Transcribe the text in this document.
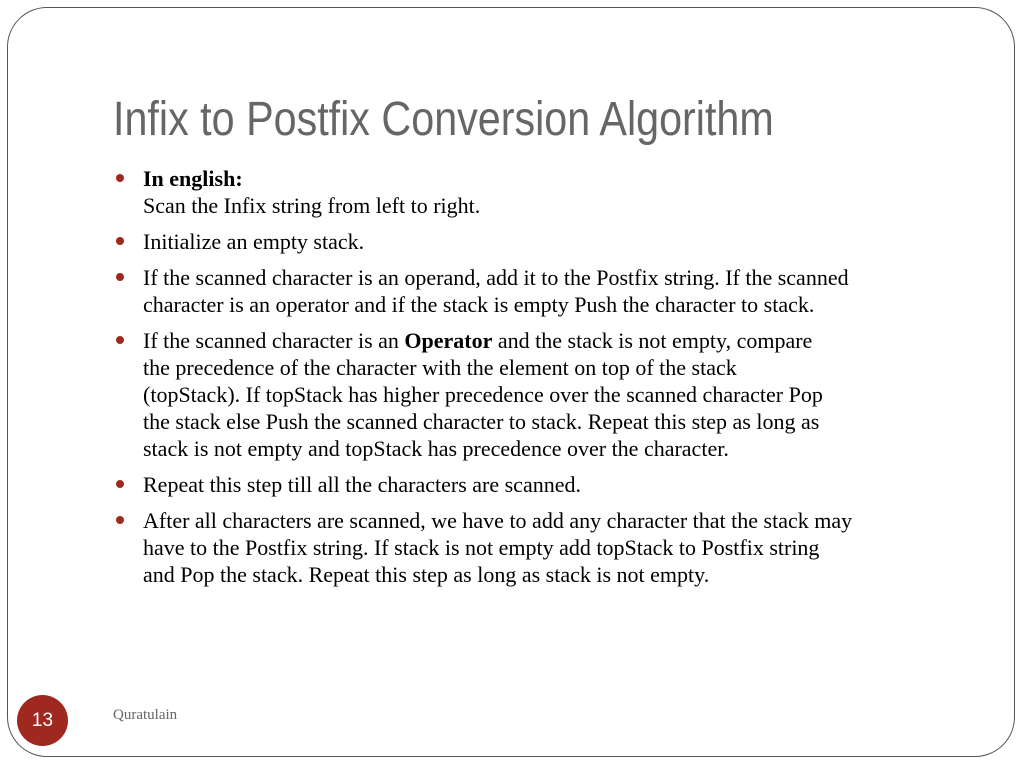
Infix to Postfix Conversion Algorithm
In english:
Scan the Infix string from left to right.
Initialize an empty stack.
If the scanned character is an operand, add it to the Postfix string. If the scanned
character is an operator and if the stack is empty Push the character to stack.
If the scanned character is an Operator and the stack is not empty, compare
the precedence of the character with the element on top of the stack
(topStack). If topStack has higher precedence over the scanned character Pop
the stack else Push the scanned character to stack. Repeat this step as long as
stack is not empty and topStack has precedence over the character.
Repeat this step till all the characters are scanned.
After all characters are scanned, we have to add any character that the stack may
have to the Postfix string. If stack is not empty add topStack to Postfix string
and Pop the stack. Repeat this step as long as stack is not empty.
13	Quratulain
